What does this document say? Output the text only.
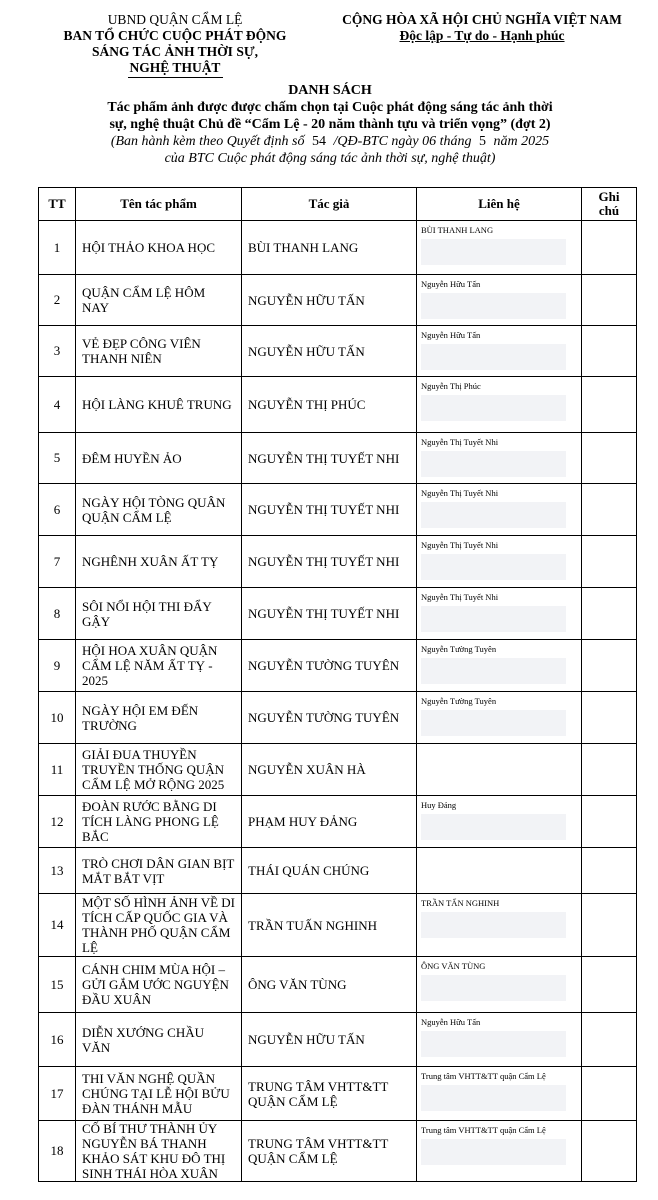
UBND QUẬN CẨM LỆ
BAN TỔ CHỨC CUỘC PHÁT ĐỘNG
SÁNG TÁC ẢNH THỜI SỰ,
NGHỆ THUẬT
CỘNG HÒA XÃ HỘI CHỦ NGHĨA VIỆT NAM
Độc lập - Tự do - Hạnh phúc
DANH SÁCH
Tác phẩm ảnh được được chấm chọn tại Cuộc phát động sáng tác ảnh thời
sự, nghệ thuật Chủ đề “Cẩm Lệ - 20 năm thành tựu và triển vọng” (đợt 2)
(Ban hành kèm theo Quyết định số 54 /QĐ-BTC ngày 06 tháng 5 năm 2025
của BTC Cuộc phát động sáng tác ảnh thời sự, nghệ thuật)
TT	Tên tác phẩm	Tác giả	Liên hệ	Ghi chú
1	HỘI THẢO KHOA HỌC	BÙI THANH LANG	BÙI THANH LANG	

2	QUẬN CẨM LỆ HÔM NAY	NGUYỄN HỮU TẤN	Nguyễn Hữu Tấn	

3	VẺ ĐẸP CÔNG VIÊN THANH NIÊN	NGUYỄN HỮU TẤN	Nguyễn Hữu Tấn	

4	HỘI LÀNG KHUÊ TRUNG	NGUYỄN THỊ PHÚC	Nguyễn Thị Phúc	

5	ĐÊM HUYỀN ẢO	NGUYỄN THỊ TUYẾT NHI	Nguyễn Thị Tuyết Nhi	

6	NGÀY HỘI TÒNG QUÂN QUẬN CẨM LỆ	NGUYỄN THỊ TUYẾT NHI	Nguyễn Thị Tuyết Nhi	

7	NGHÊNH XUÂN ẤT TỴ	NGUYỄN THỊ TUYẾT NHI	Nguyễn Thị Tuyết Nhi	

8	SÔI NỔI HỘI THI ĐẨY GẬY	NGUYỄN THỊ TUYẾT NHI	Nguyễn Thị Tuyết Nhi	

9	HỘI HOA XUÂN QUẬN CẨM LỆ NĂM ẤT TỴ - 2025	NGUYỄN TƯỜNG TUYÊN	Nguyễn Tường Tuyên	

10	NGÀY HỘI EM ĐẾN TRƯỜNG	NGUYỄN TƯỜNG TUYÊN	Nguyễn Tường Tuyên	

11	GIẢI ĐUA THUYỀN TRUYỀN THỐNG QUẬN CẨM LỆ MỞ RỘNG 2025	NGUYỄN XUÂN HÀ		
12	ĐOÀN RƯỚC BẰNG DI TÍCH LÀNG PHONG LỆ BẮC	PHẠM HUY ĐẢNG	Huy Đảng	

13	TRÒ CHƠI DÂN GIAN BỊT MẮT BẮT VỊT	THÁI QUÁN CHÚNG		
14	MỘT SỐ HÌNH ẢNH VỀ DI TÍCH CẤP QUỐC GIA VÀ THÀNH PHỐ QUẬN CẨM LỆ	TRẦN TUẤN NGHINH	TRẦN TẤN NGHINH	

15	CÁNH CHIM MÙA HỘI – GỬI GẮM ƯỚC NGUYỆN ĐẦU XUÂN	ÔNG VĂN TÙNG	ÔNG VĂN TÙNG	

16	DIỄN XƯỚNG CHẦU VĂN	NGUYỄN HỮU TẤN	Nguyễn Hữu Tấn	

17	THI VĂN NGHỆ QUẦN CHÚNG TẠI LỄ HỘI BỬU ĐÀN THÁNH MẪU	TRUNG TÂM VHTT&TT QUẬN CẨM LỆ	Trung tâm VHTT&TT quận Cẩm Lệ	

18	CỐ BÍ THƯ THÀNH ỦY NGUYỄN BÁ THANH KHẢO SÁT KHU ĐÔ THỊ SINH THÁI HÒA XUÂN	TRUNG TÂM VHTT&TT QUẬN CẨM LỆ	Trung tâm VHTT&TT quận Cẩm Lệ	
